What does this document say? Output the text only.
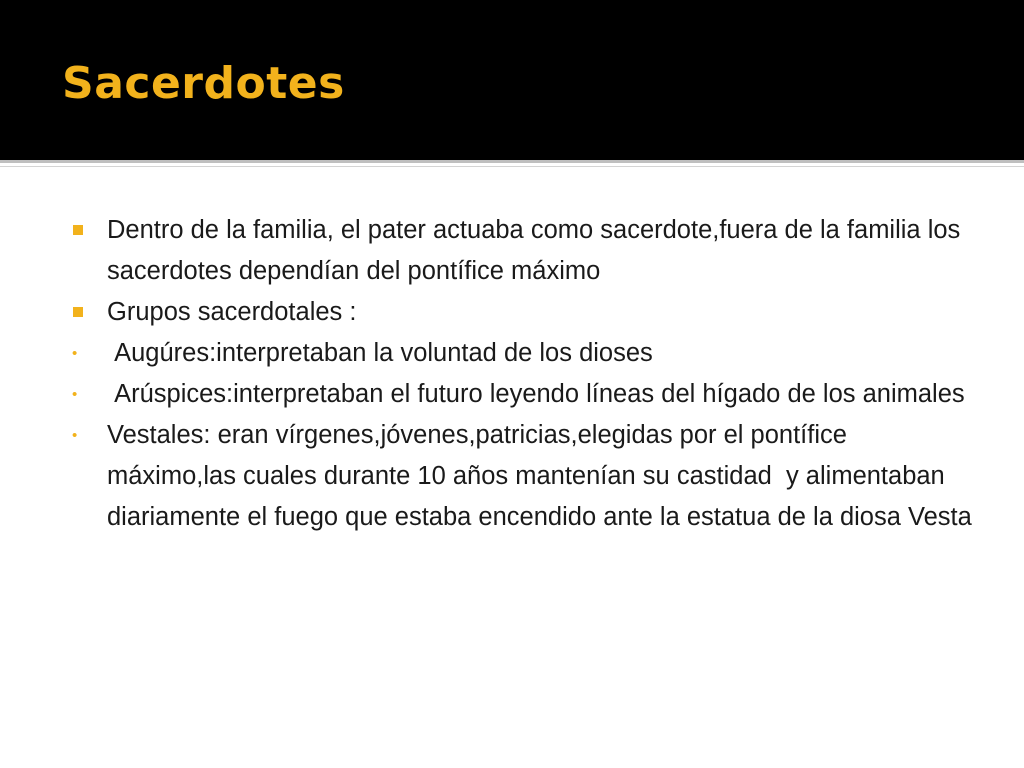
Sacerdotes
Dentro de la familia, el pater actuaba como sacerdote,fuera de la familia los sacerdotes dependían del pontífice máximo
Grupos sacerdotales :
• Augúres:interpretaban la voluntad de los dioses
• Arúspices:interpretaban el futuro leyendo líneas del hígado de los animales
• Vestales: eran vírgenes,jóvenes,patricias,elegidas por el pontífice máximo,las cuales durante 10 años mantenían su castidad  y alimentaban diariamente el fuego que estaba encendido ante la estatua de la diosa Vesta
